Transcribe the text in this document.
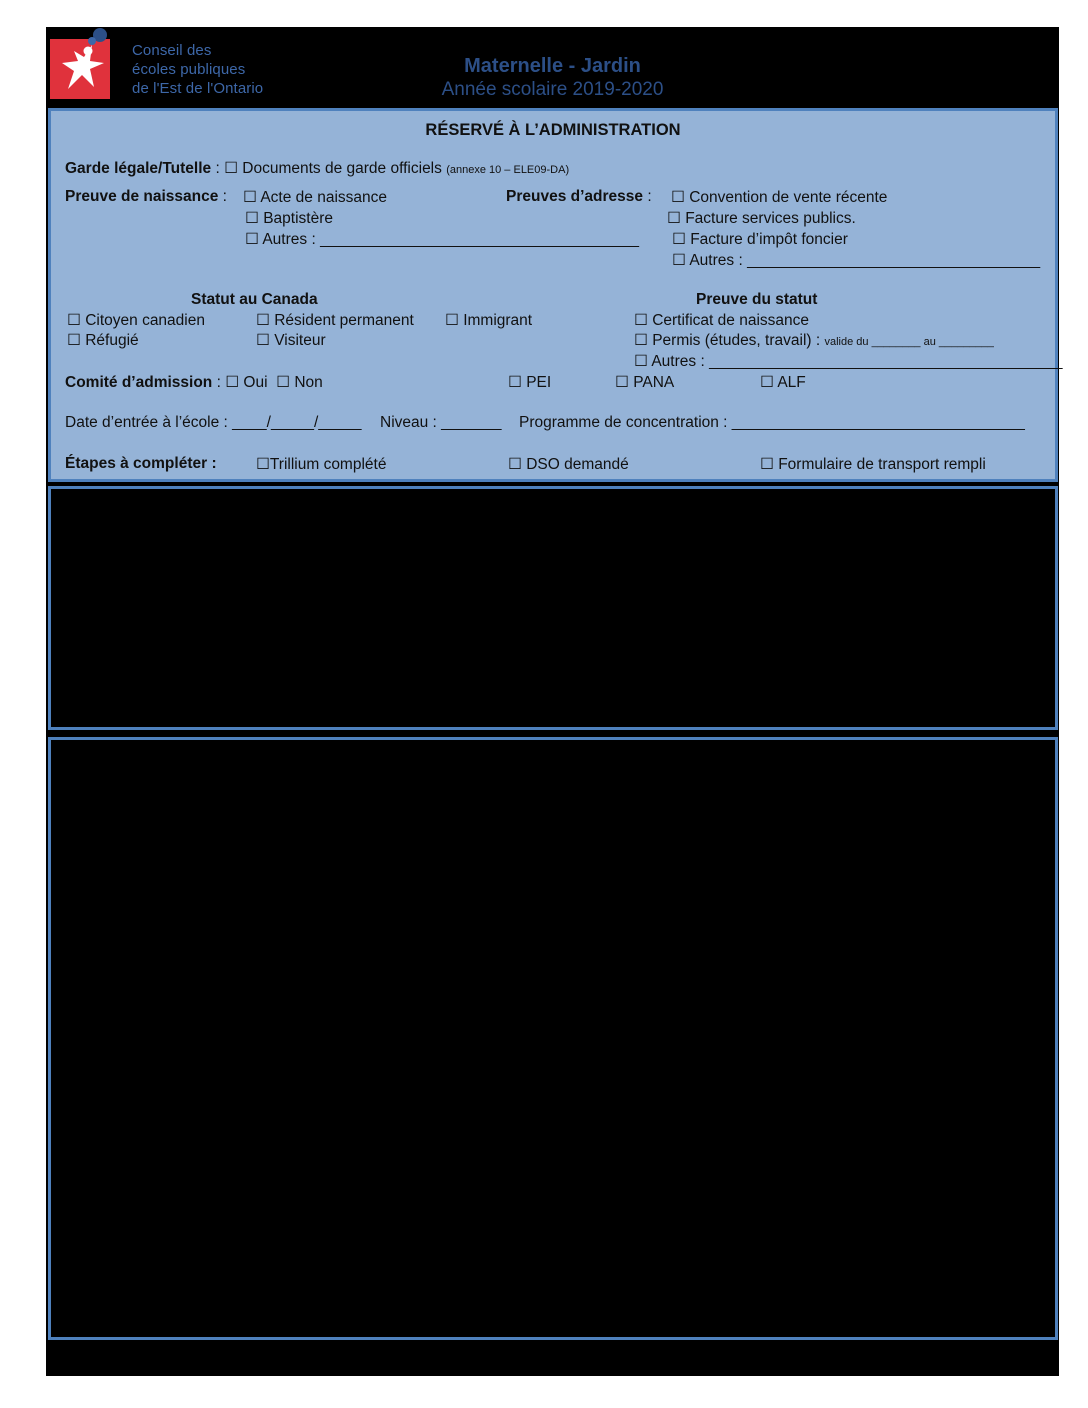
Conseil des
écoles publiques
de l'Est de l'Ontario
Maternelle - Jardin
Année scolaire 2019-2020
RÉSERVÉ À L’ADMINISTRATION
Garde légale/Tutelle : ☐ Documents de garde officiels (annexe 10 – ELE09-DA)
Preuve de naissance : ☐ Acte de naissance
☐ Baptistère
☐ Autres : _____________________________________
Preuves d’adresse : ☐ Convention de vente récente
☐ Facture services publics.
☐ Facture d’impôt foncier
☐ Autres : __________________________________
Statut au Canada
☐ Citoyen canadien	☐ Résident permanent ☐ Immigrant
☐ Réfugié	☐ Visiteur
Preuve du statut
☐ Certificat de naissance
☐ Permis (études, travail) : valide du ________ au _________
☐ Autres : _________________________________________
Comité d’admission : ☐ Oui ☐ Non	☐ PEI	☐ PANA	☐ ALF
Date d’entrée à l’école : ____/_____/_____ Niveau : _______ Programme de concentration : __________________________________
Étapes à compléter :	☐Trillium complété	☐ DSO demandé	☐ Formulaire de transport rempli
